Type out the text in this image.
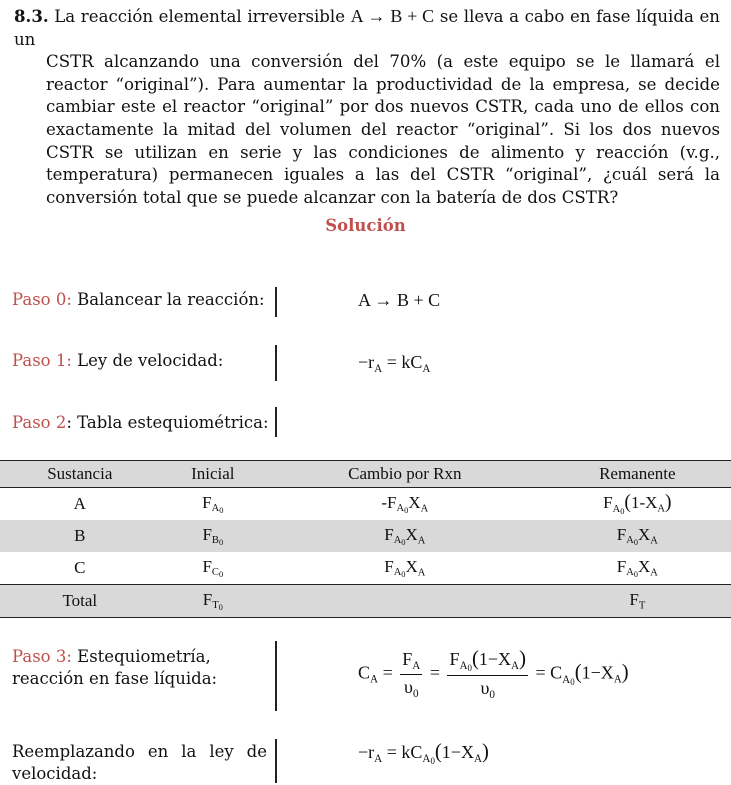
8.3. La reacción elemental irreversible A → B + C se lleva a cabo en fase líquida en un
CSTR alcanzando una conversión del 70% (a este equipo se le llamará el reactor “original”). Para aumentar la productividad de la empresa, se decide cambiar este el reactor “original” por dos nuevos CSTR, cada uno de ellos con exactamente la mitad del volumen del reactor “original”. Si los dos nuevos CSTR se utilizan en serie y las condiciones de alimento y reacción (v.g., temperatura) permanecen iguales a las del CSTR “original”, ¿cuál será la conversión total que se puede alcanzar con la batería de dos CSTR?
Solución
Paso 0: Balancear la reacción:	A → B + C
Paso 1: Ley de velocidad:	$-r_A = kC_A$
Paso 2: Tabla estequiométrica:
Sustancia	Inicial	Cambio por Rxn	Remanente
A	$F_{A_0}$	$-F_{A_0}X_A$	$F_{A_0}(1-X_A)$
B	$F_{B_0}$	$F_{A_0}X_A$	$F_{A_0}X_A$
C	$F_{C_0}$	$F_{A_0}X_A$	$F_{A_0}X_A$
Total	$F_{T_0}$		$F_T$
Paso 3: Estequiometría, reacción en fase líquida:	$C_A = \frac{F_A}{\upsilon_0} = \frac{F_{A_0}(1-X_A)}{\upsilon_0} = C_{A_0}(1-X_A)$
Reemplazando en la ley de velocidad:
$-r_A = kC_{A_0}(1-X_A)$
